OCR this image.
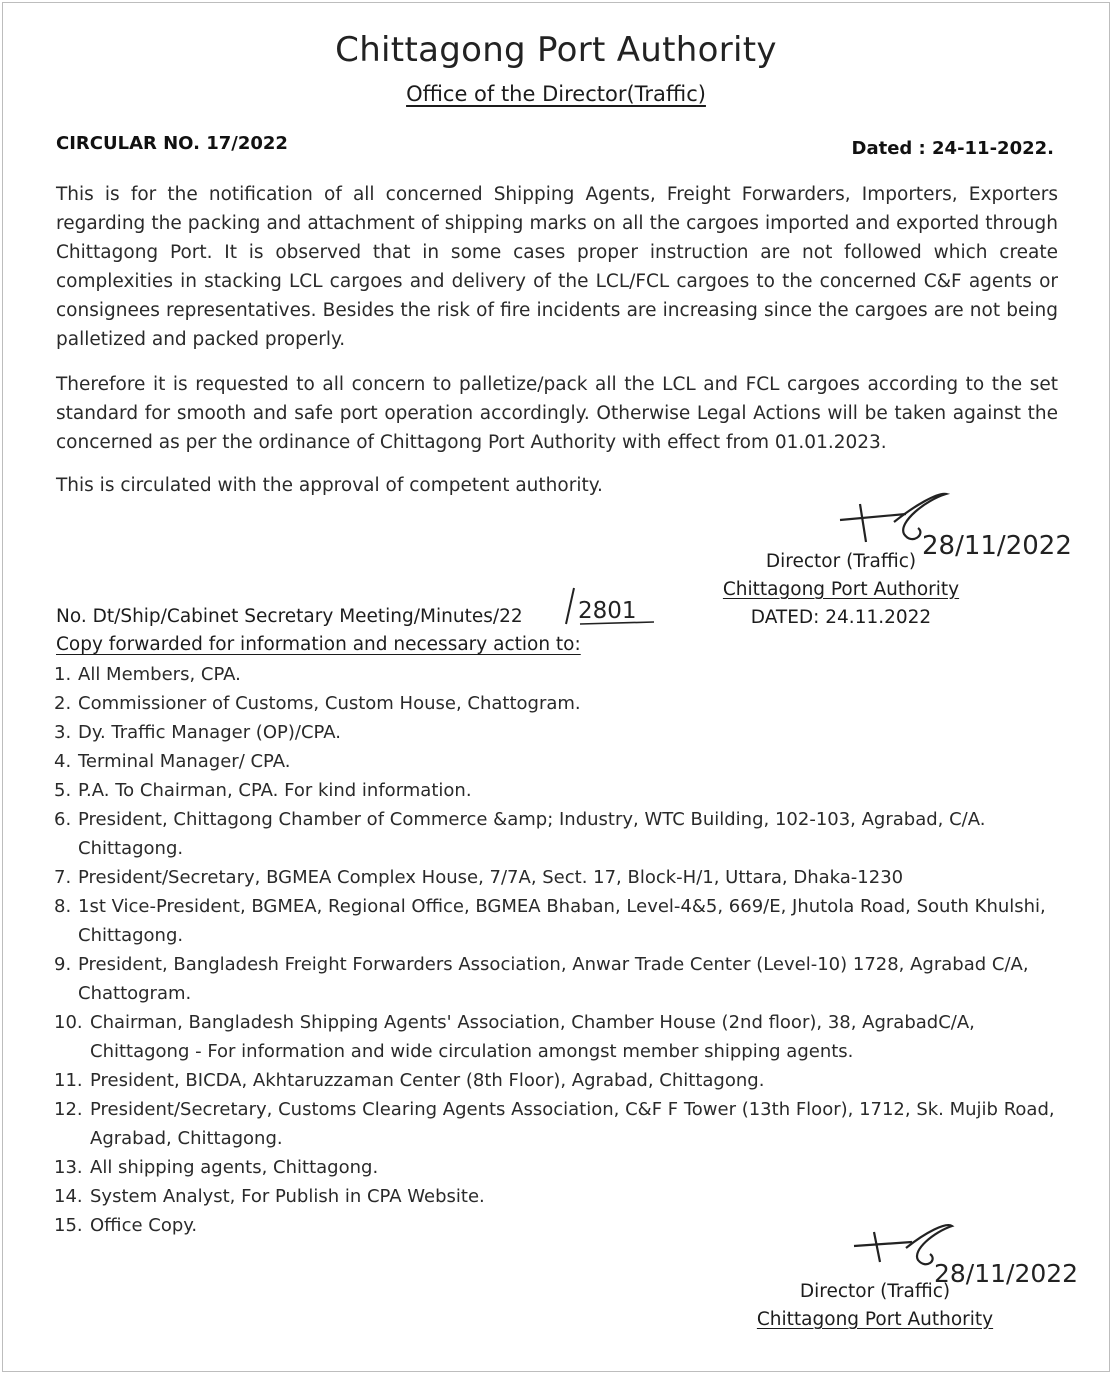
Chittagong Port Authority
Office of the Director(Traffic)
CIRCULAR NO. 17/2022	Dated : 24-11-2022.

This is for the notification of all concerned Shipping Agents, Freight Forwarders, Importers, Exporters regarding the packing and attachment of shipping marks on all the cargoes imported and exported through Chittagong Port. It is observed that in some cases proper instruction are not followed which create complexities in stacking LCL cargoes and delivery of the LCL/FCL cargoes to the concerned C&F agents or consignees representatives. Besides the risk of fire incidents are increasing since the cargoes are not being palletized and packed properly.

Therefore it is requested to all concern to palletize/pack all the LCL and FCL cargoes according to the set standard for smooth and safe port operation accordingly. Otherwise Legal Actions will be taken against the concerned as per the ordinance of Chittagong Port Authority with effect from 01.01.2023.

This is circulated with the approval of competent authority.

28/11/2022
Director (Traffic)
Chittagong Port Authority
DATED: 24.11.2022
No. Dt/Ship/Cabinet Secretary Meeting/Minutes/22 2801
Copy forwarded for information and necessary action to:
1. All Members, CPA.
2. Commissioner of Customs, Custom House, Chattogram.
3. Dy. Traffic Manager (OP)/CPA.
4. Terminal Manager/ CPA.
5. P.A. To Chairman, CPA. For kind information.
6. President, Chittagong Chamber of Commerce &amp; Industry, WTC Building, 102-103, Agrabad, C/A. Chittagong.
7. President/Secretary, BGMEA Complex House, 7/7A, Sect. 17, Block-H/1, Uttara, Dhaka-1230
8. 1st Vice-President, BGMEA, Regional Office, BGMEA Bhaban, Level-4&5, 669/E, Jhutola Road, South Khulshi, Chittagong.
9. President, Bangladesh Freight Forwarders Association, Anwar Trade Center (Level-10) 1728, Agrabad C/A, Chattogram.
10. Chairman, Bangladesh Shipping Agents' Association, Chamber House (2nd floor), 38, AgrabadC/A, Chittagong - For information and wide circulation amongst member shipping agents.
11. President, BICDA, Akhtaruzzaman Center (8th Floor), Agrabad, Chittagong.
12. President/Secretary, Customs Clearing Agents Association, C&F F Tower (13th Floor), 1712, Sk. Mujib Road, Agrabad, Chittagong.
13. All shipping agents, Chittagong.
14. System Analyst, For Publish in CPA Website.
15. Office Copy.
28/11/2022
Director (Traffic)
Chittagong Port Authority
